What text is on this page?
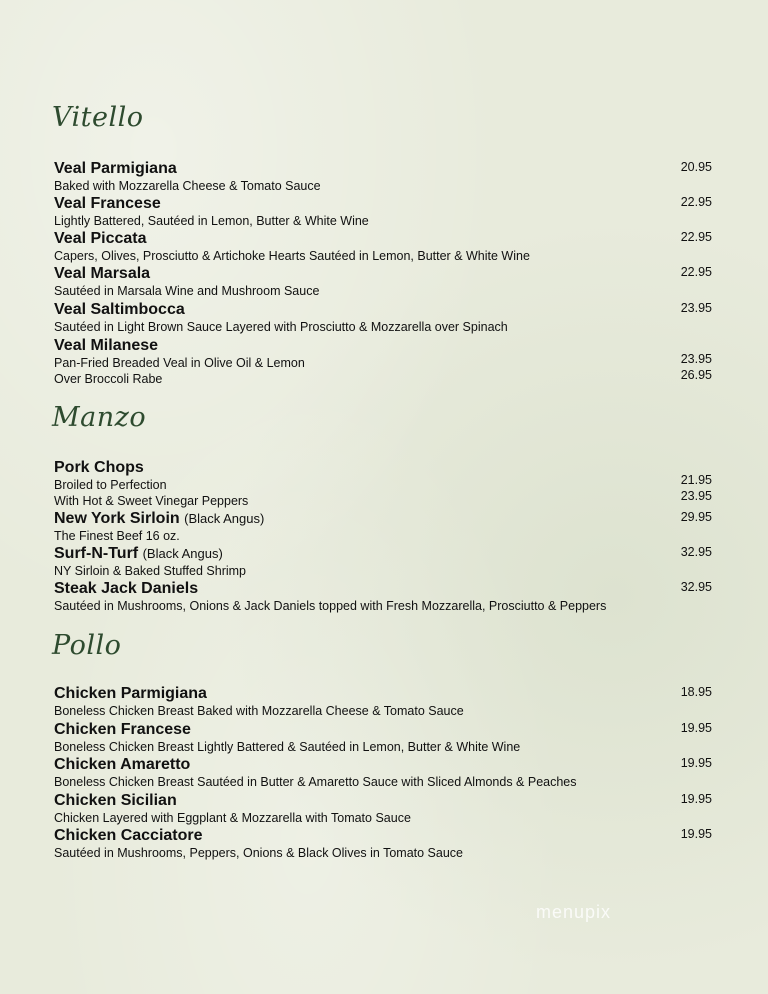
Vitello
Veal Parmigiana
Baked with Mozzarella Cheese & Tomato Sauce
20.95
Veal Francese
Lightly Battered, Sautéed in Lemon, Butter & White Wine
22.95
Veal Piccata
Capers, Olives, Prosciutto & Artichoke Hearts Sautéed in Lemon, Butter & White Wine
22.95
Veal Marsala
Sautéed in Marsala Wine and Mushroom Sauce
22.95
Veal Saltimbocca
Sautéed in Light Brown Sauce Layered with Prosciutto & Mozzarella over Spinach
23.95
Veal Milanese
Pan-Fried Breaded Veal in Olive Oil & Lemon
Over Broccoli Rabe
23.95
26.95
Manzo
Pork Chops
Broiled to Perfection
With Hot & Sweet Vinegar Peppers
21.95
23.95
New York Sirloin (Black Angus)
The Finest Beef 16 oz.
29.95
Surf-N-Turf (Black Angus)
NY Sirloin & Baked Stuffed Shrimp
32.95
Steak Jack Daniels
Sautéed in Mushrooms, Onions & Jack Daniels topped with Fresh Mozzarella, Prosciutto & Peppers
32.95
Pollo
Chicken Parmigiana
Boneless Chicken Breast Baked with Mozzarella Cheese & Tomato Sauce
18.95
Chicken Francese
Boneless Chicken Breast Lightly Battered & Sautéed in Lemon, Butter & White Wine
19.95
Chicken Amaretto
Boneless Chicken Breast Sautéed in Butter & Amaretto Sauce with Sliced Almonds & Peaches
19.95
Chicken Sicilian
Chicken Layered with Eggplant & Mozzarella with Tomato Sauce
19.95
Chicken Cacciatore
Sautéed in Mushrooms, Peppers, Onions & Black Olives in Tomato Sauce
19.95
menupix
